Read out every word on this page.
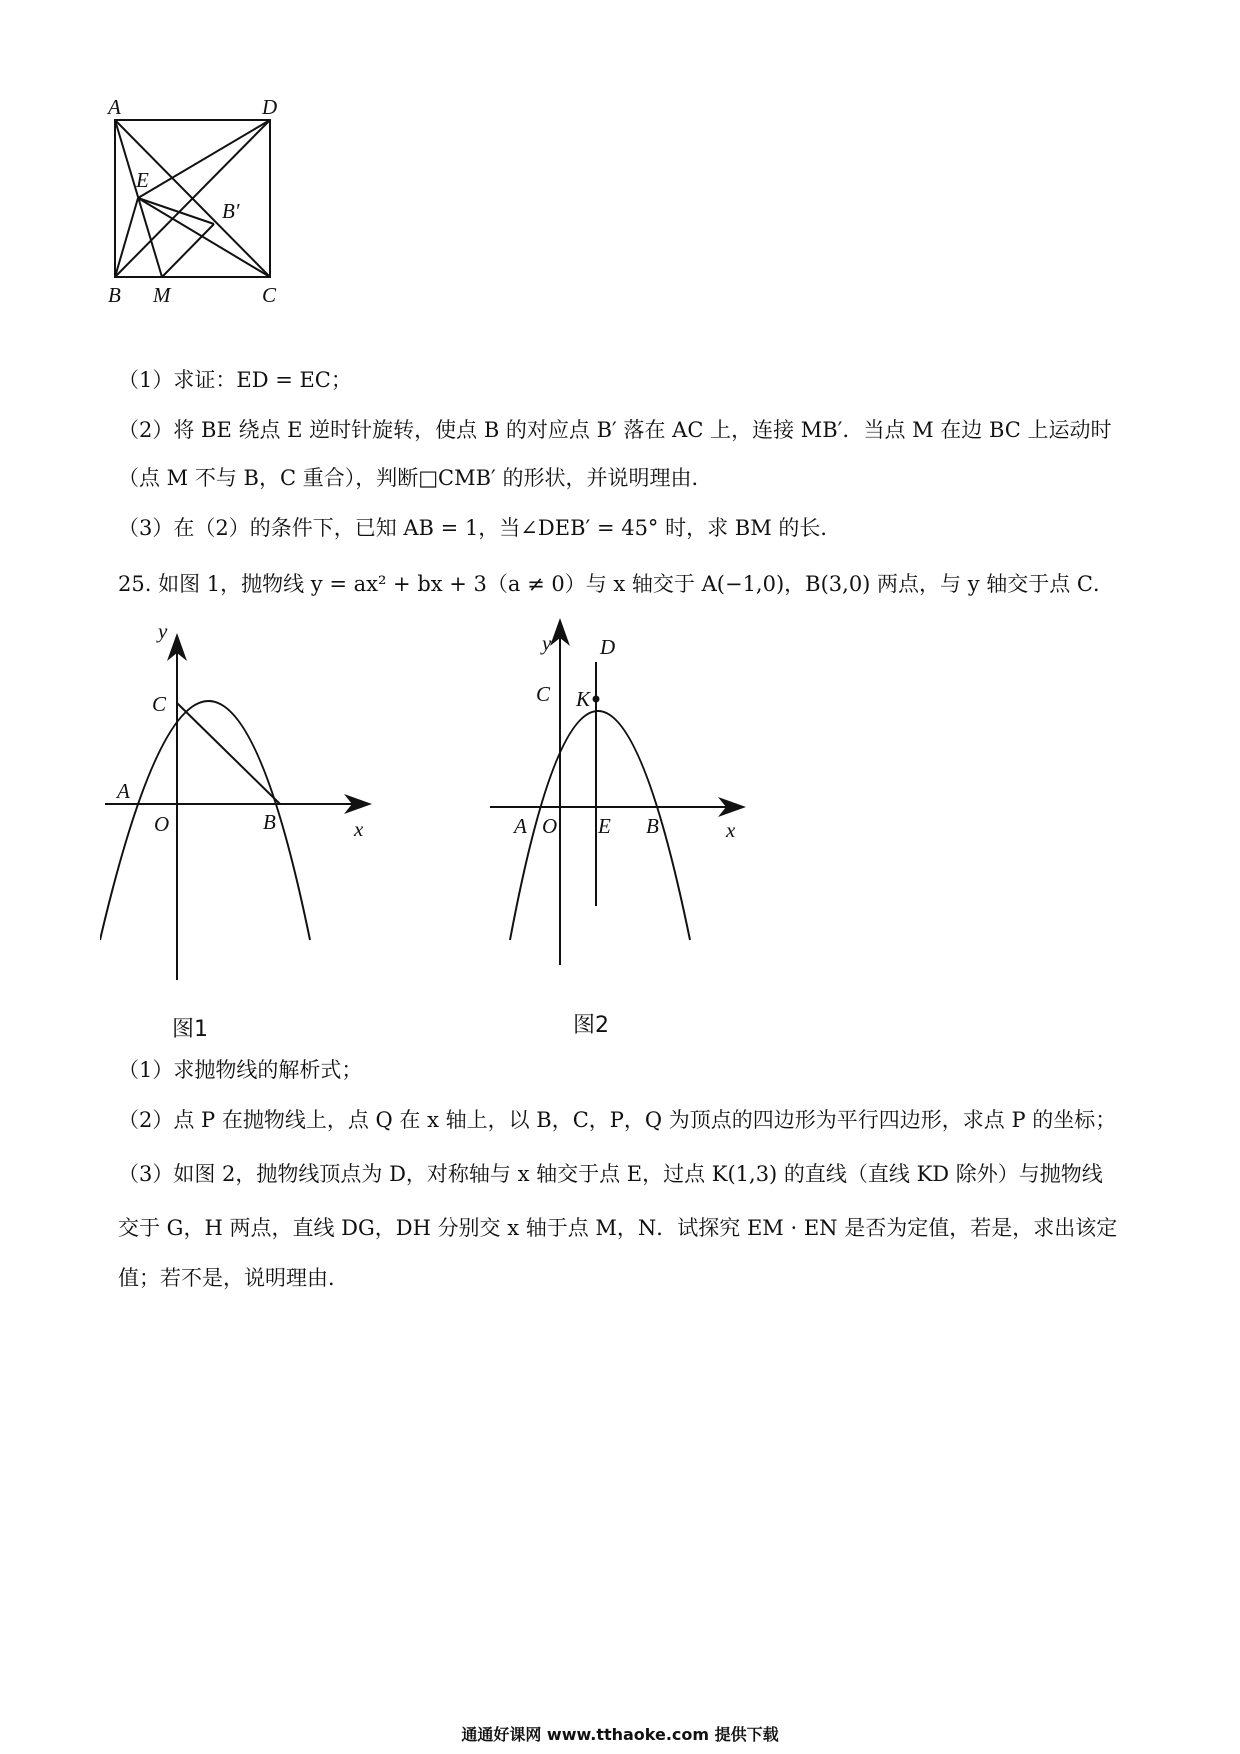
A	D
E
B′
B M	C
（1）求证：ED = EC；
（2）将 BE 绕点 E 逆时针旋转，使点 B 的对应点 B′ 落在 AC 上，连接 MB′．当点 M 在边 BC 上运动时
（点 M 不与 B，C 重合），判断□CMB′ 的形状，并说明理由．
（3）在（2）的条件下，已知 AB = 1，当∠DEB′ = 45° 时，求 BM 的长．
25. 如图 1，抛物线 y = ax² + bx + 3（a ≠ 0）与 x 轴交于 A(−1,0)，B(3,0) 两点，与 y 轴交于点 C．
y
C
A
O	B	x
图1
y D
C K
A O E B	x
图2
（1）求抛物线的解析式；
（2）点 P 在抛物线上，点 Q 在 x 轴上，以 B，C，P，Q 为顶点的四边形为平行四边形，求点 P 的坐标；
（3）如图 2，抛物线顶点为 D，对称轴与 x 轴交于点 E，过点 K(1,3) 的直线（直线 KD 除外）与抛物线
交于 G，H 两点，直线 DG，DH 分别交 x 轴于点 M，N．试探究 EM · EN 是否为定值，若是，求出该定
值；若不是，说明理由．
通通好课网 www.tthaoke.com 提供下载
